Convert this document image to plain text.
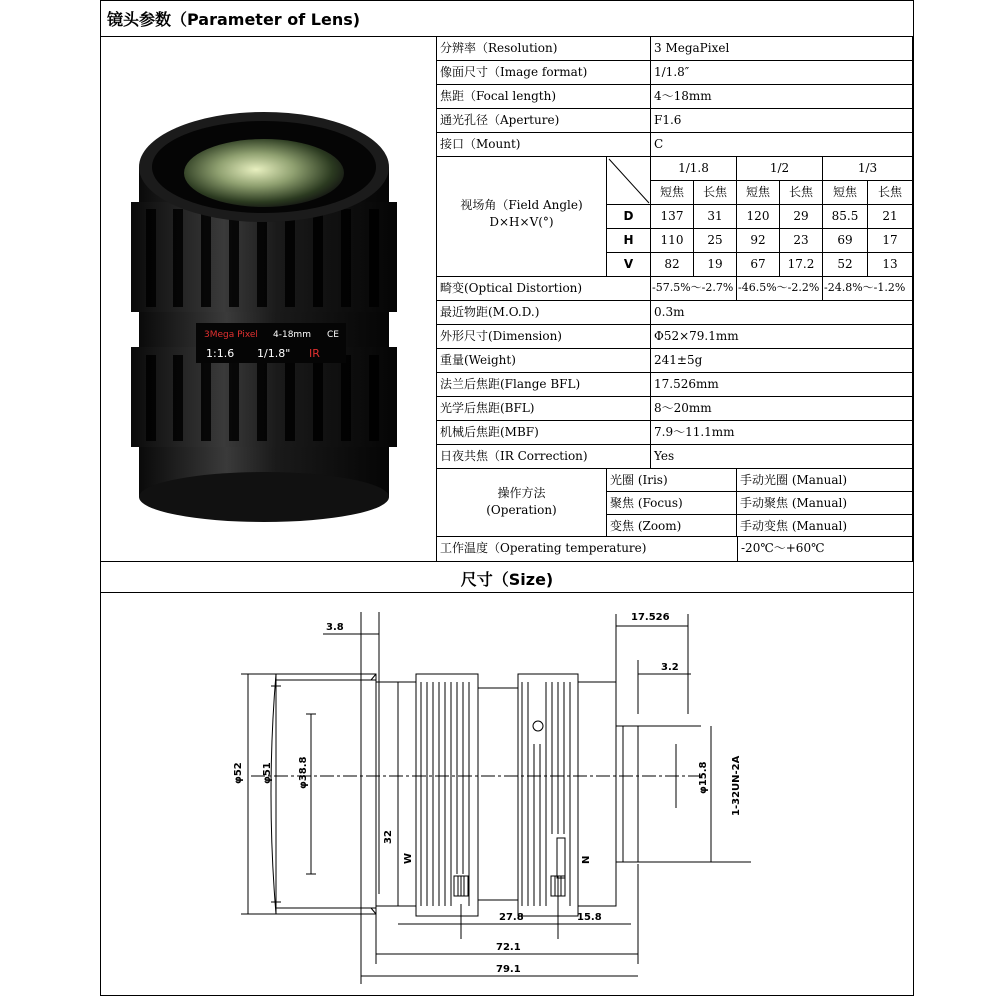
镜头参数（Parameter of Lens)
3Mega Pixel 4-18mm CE
1:1.6 1/1.8" IR
分辨率（Resolution)	3 MegaPixel
像面尺寸（Image format)	1/1.8″
焦距（Focal length)	4～18mm
通光孔径（Aperture)	F1.6
接口（Mount)	C
视场角（Field Angle)
D×H×V(°)
1/1.8	1/2	1/3
短焦	长焦	短焦	长焦	短焦	长焦
D	137	31	120	29	85.5	21
H	110	25	92	23	69	17
V	82	19	67	17.2	52	13
畸变(Optical Distortion)	-57.5%～-2.7% -46.5%～-2.2% -24.8%～-1.2%
最近物距(M.O.D.)	0.3m
外形尺寸(Dimension)	Φ52×79.1mm
重量(Weight)	241±5g
法兰后焦距(Flange BFL)	17.526mm
光学后焦距(BFL)	8～20mm
机械后焦距(MBF)	7.9～11.1mm
日夜共焦（IR Correction)	Yes
操作方法
(Operation)
光圈 (Iris)	手动光圈 (Manual)
聚焦 (Focus)	手动聚焦 (Manual)
变焦 (Zoom)	手动变焦 (Manual)
工作温度（Operating temperature)	-20℃～+60℃
尺寸（Size)
3.8
17.526
3.2
φ52 φ51	φ38.8
32
W	N
φ15.8 1-32UN-2A
27.8	15.8
72.1
79.1
